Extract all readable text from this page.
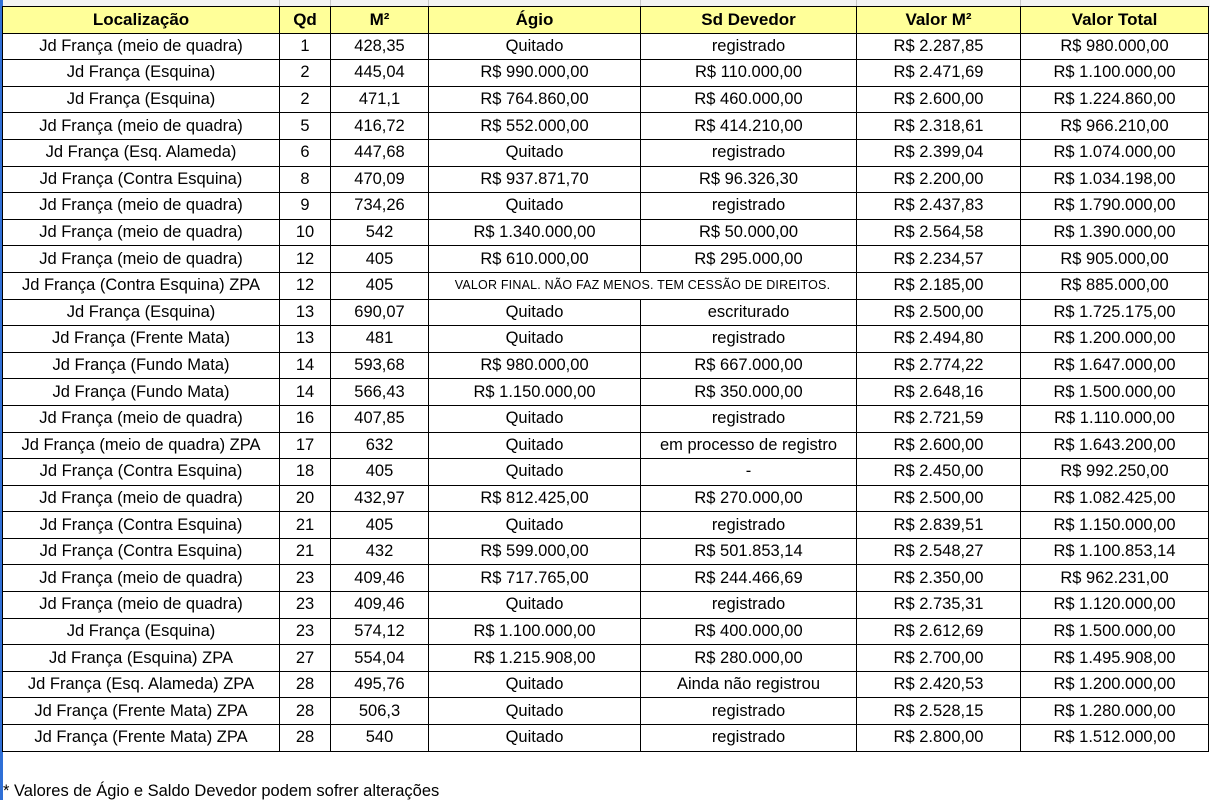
Localização	Qd	M²	Ágio	Sd Devedor	Valor M²	Valor Total
Jd França (meio de quadra)	1	428,35	Quitado	registrado	R$ 2.287,85	R$ 980.000,00
Jd França (Esquina)	2	445,04	R$ 990.000,00	R$ 110.000,00	R$ 2.471,69	R$ 1.100.000,00
Jd França (Esquina)	2	471,1	R$ 764.860,00	R$ 460.000,00	R$ 2.600,00	R$ 1.224.860,00
Jd França (meio de quadra)	5	416,72	R$ 552.000,00	R$ 414.210,00	R$ 2.318,61	R$ 966.210,00
Jd França (Esq. Alameda)	6	447,68	Quitado	registrado	R$ 2.399,04	R$ 1.074.000,00
Jd França (Contra Esquina)	8	470,09	R$ 937.871,70	R$ 96.326,30	R$ 2.200,00	R$ 1.034.198,00
Jd França (meio de quadra)	9	734,26	Quitado	registrado	R$ 2.437,83	R$ 1.790.000,00
Jd França (meio de quadra)	10	542	R$ 1.340.000,00	R$ 50.000,00	R$ 2.564,58	R$ 1.390.000,00
Jd França (meio de quadra)	12	405	R$ 610.000,00	R$ 295.000,00	R$ 2.234,57	R$ 905.000,00
Jd França (Contra Esquina) ZPA	12	405	VALOR FINAL. NÃO FAZ MENOS. TEM CESSÃO DE DIREITOS.		R$ 2.185,00	R$ 885.000,00
Jd França (Esquina)	13	690,07	Quitado	escriturado	R$ 2.500,00	R$ 1.725.175,00
Jd França (Frente Mata)	13	481	Quitado	registrado	R$ 2.494,80	R$ 1.200.000,00
Jd França (Fundo Mata)	14	593,68	R$ 980.000,00	R$ 667.000,00	R$ 2.774,22	R$ 1.647.000,00
Jd França (Fundo Mata)	14	566,43	R$ 1.150.000,00	R$ 350.000,00	R$ 2.648,16	R$ 1.500.000,00
Jd França (meio de quadra)	16	407,85	Quitado	registrado	R$ 2.721,59	R$ 1.110.000,00
Jd França (meio de quadra) ZPA	17	632	Quitado	em processo de registro	R$ 2.600,00	R$ 1.643.200,00
Jd França (Contra Esquina)	18	405	Quitado	-	R$ 2.450,00	R$ 992.250,00
Jd França (meio de quadra)	20	432,97	R$ 812.425,00	R$ 270.000,00	R$ 2.500,00	R$ 1.082.425,00
Jd França (Contra Esquina)	21	405	Quitado	registrado	R$ 2.839,51	R$ 1.150.000,00
Jd França (Contra Esquina)	21	432	R$ 599.000,00	R$ 501.853,14	R$ 2.548,27	R$ 1.100.853,14
Jd França (meio de quadra)	23	409,46	R$ 717.765,00	R$ 244.466,69	R$ 2.350,00	R$ 962.231,00
Jd França (meio de quadra)	23	409,46	Quitado	registrado	R$ 2.735,31	R$ 1.120.000,00
Jd França (Esquina)	23	574,12	R$ 1.100.000,00	R$ 400.000,00	R$ 2.612,69	R$ 1.500.000,00
Jd França (Esquina) ZPA	27	554,04	R$ 1.215.908,00	R$ 280.000,00	R$ 2.700,00	R$ 1.495.908,00
Jd França (Esq. Alameda) ZPA	28	495,76	Quitado	Ainda não registrou	R$ 2.420,53	R$ 1.200.000,00
Jd França (Frente Mata) ZPA	28	506,3	Quitado	registrado	R$ 2.528,15	R$ 1.280.000,00
Jd França (Frente Mata) ZPA	28	540	Quitado	registrado	R$ 2.800,00	R$ 1.512.000,00
* Valores de Ágio e Saldo Devedor podem sofrer alterações
